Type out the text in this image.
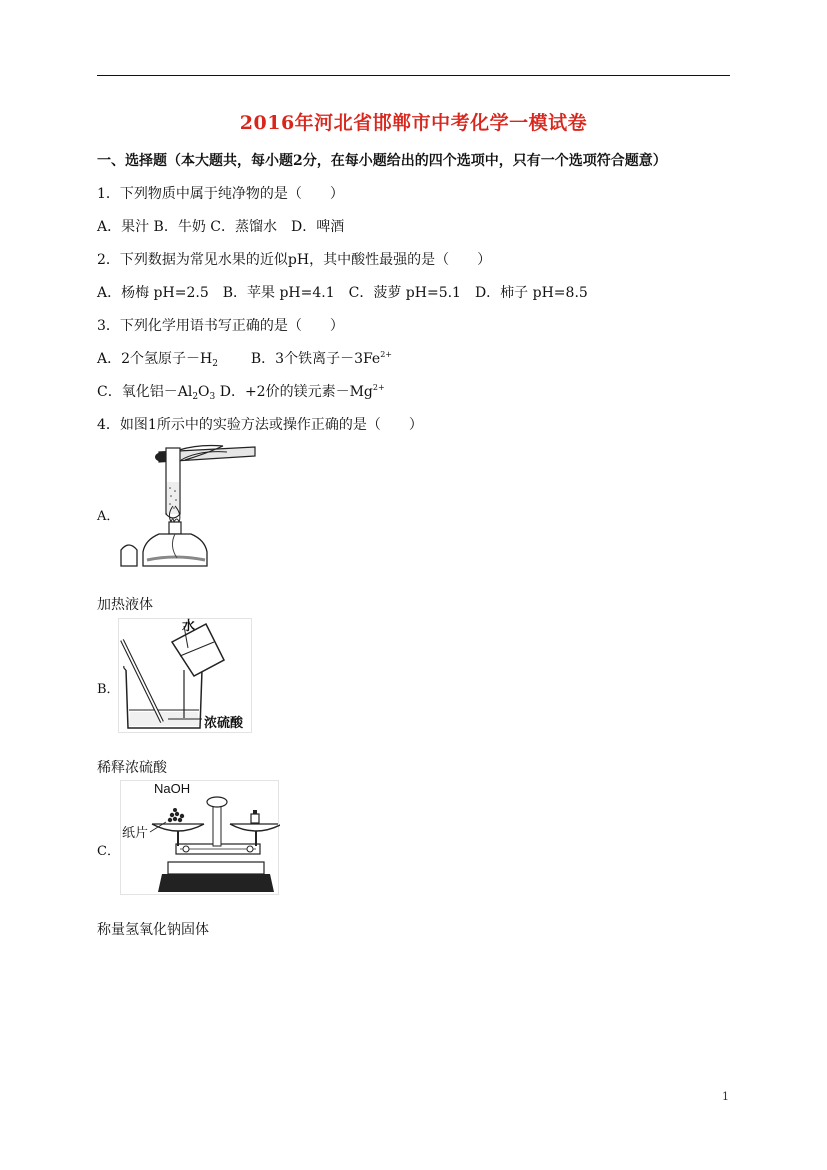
2016年河北省邯郸市中考化学一模试卷
一、选择题（本大题共，每小题2分，在每小题给出的四个选项中，只有一个选项符合题意）
1．下列物质中属于纯净物的是（　　）
A．果汁 B．牛奶 C．蒸馏水　D．啤酒
2．下列数据为常见水果的近似pH，其中酸性最强的是（　　）
A．杨梅 pH=2.5　B．苹果 pH=4.1　C．菠萝 pH=5.1　D．柿子 pH=8.5
3．下列化学用语书写正确的是（　　）
A．2个氢原子$-H_2$ B．3个铁离子$-3Fe^{2+}$
C．氧化铝$-Al_2O_3$ D．+2价的镁元素$-Mg^{2+}$
4．如图1所示中的实验方法或操作正确的是（　　）
A．
加热液体
B．
水
浓硫酸
稀释浓硫酸
C．
NaOH
纸片
称量氢氧化钠固体
1
